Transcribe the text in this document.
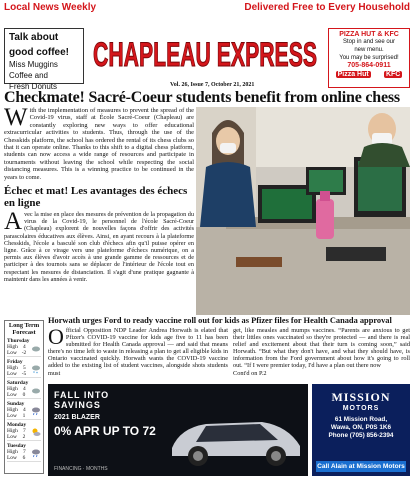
Local News Weekly	Delivered Free to Every Household
Talk about
good coffee!
Miss Muggins
Coffee and
Fresh Donuts
CHAPLEAU EXPRESS
PIZZA HUT & KFC
Stop in and see our
new menu.
You may be surprised!
705-864-0911
Pizza Hut KFC
Vol. 26, Issue 7, October 21, 2021
Checkmate! Sacré-Coeur students benefit from online chess

With the implementation of measures to prevent the spread of the Covid-19 virus, staff at École Sacré-Coeur (Chapleau) are constantly exploring new ways to offer educational extracurricular activities to students. Thus, through the use of the Chesskids platform, the school has ordered the rental of its chess clubs so that it can operate online. Thanks to this shift to a digital chess platform, students can now access a wide range of resources and participate in tournaments without leaving the school while respecting the social distancing measures. This is a winning practice to be continued in the years to come.

Échec et mat! Les avantages des échecs en ligne

Avec la mise en place des mesures de prévention de la propagation du virus de la Covid-19, le personnel de l'école Sacré-Coeur (Chapleau) explorent de nouvelles façons d'offrir des activités parascolaires éducatives aux élèves. Ainsi, en ayant recours à la plateforme Chesskids, l'école a basculé son club d'échecs afin qu'il puisse opérer en ligne. Grâce à ce virage vers une plateforme d'échecs numérique, on a permis aux élèves d'avoir accès à une grande gamme de ressources et de participer à des tournois sans se déplacer de l'intérieur de l'école tout en respectant les mesures de distanciation. Il s'agit d'une pratique gagnante à maintenir dans les années à venir.

Long Term Forecast
Thursday
High 4
Low -2
Friday
High 5
Low -5
Saturday
High 4
Low 0
Sunday
High 4
Low 1
Monday
High 7
Low 2
Tuesday
High 7
Low 6
Horwath urges Ford to ready vaccine roll out for kids as Pfizer files for Health Canada approval

Official Opposition NDP Leader Andrea Horwath is elated that Pfizer's COVID-19 vaccine for kids age five to 11 has been submitted for Health Canada approval — and said that means there's no time left to waste in releasing a plan to get all eligible kids in Ontario vaccinated quickly. Horwath wants the COVID-19 vaccine added to the existing list of student vaccines, alongside shots students must

get, like measles and mumps vaccines. “Parents are anxious to get their littles ones vaccinated so they're protected — and there is real relief and excitement about that their turn is coming soon,” said Horwath. “But what they don't have, and what they should have, is information from the Ford government about how it's going to roll out. “If I were premier today, I'd have a plan out there now

Cont'd on P.2

FALL INTO
SAVINGS
2021 BLAZER
0% APR UP TO 72
FINANCING · MONTHS
MISSION
MOTORS
61 Mission Road,
Wawa, ON, P0S 1K6
Phone (705) 856-2394
Call Alain at Mission Motors
